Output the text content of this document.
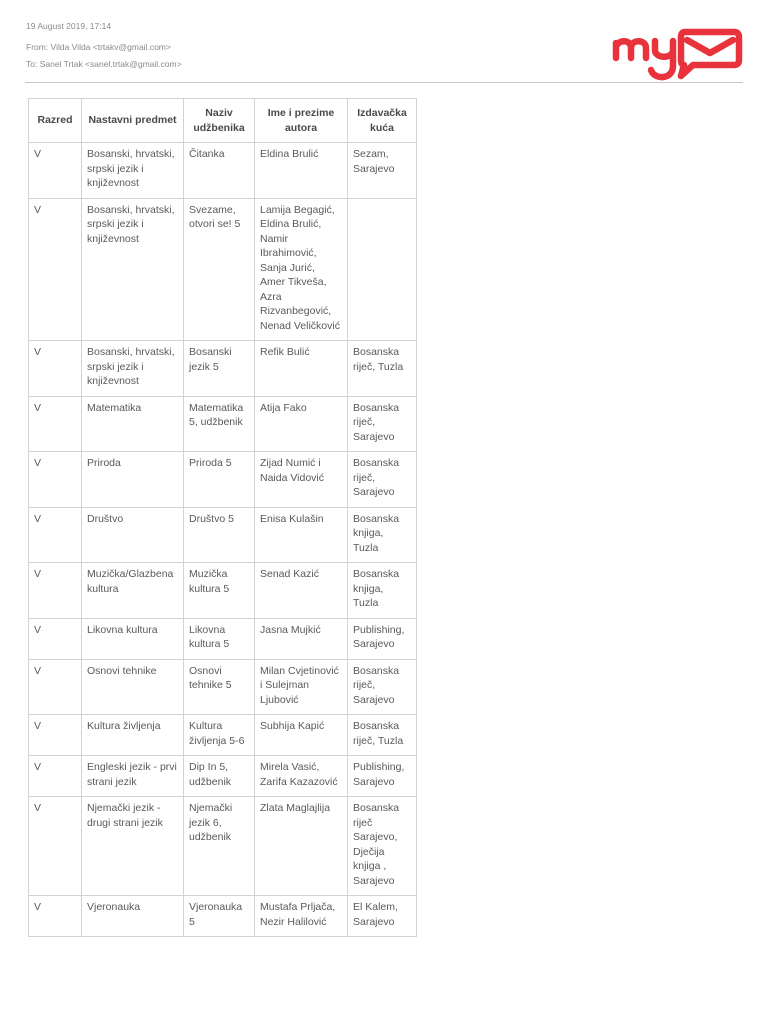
19 August 2019, 17:14
From: Vilda Vilda <trtakv@gmail.com>
To: Sanel Trtak <sanel.trtak@gmail.com>
Razred	Nastavni predmet	Naziv udžbenika	Ime i prezime autora	Izdavačka kuća
V	Bosanski, hrvatski, srpski jezik i književnost	Čitanka	Eldina Brulić	Sezam, Sarajevo
V	Bosanski, hrvatski, srpski jezik i književnost	Svezame, otvori se! 5	Lamija Begagić, Eldina Brulić, Namir Ibrahimović, Sanja Jurić, Amer Tikveša, Azra Rizvanbegović, Nenad Veličković	
V	Bosanski, hrvatski, srpski jezik i književnost	Bosanski jezik 5	Refik Bulić	Bosanska riječ, Tuzla
V	Matematika	Matematika 5, udžbenik	Atija Fako	Bosanska riječ, Sarajevo
V	Priroda	Priroda 5	Zijad Numić i Naida Vidović	Bosanska riječ, Sarajevo
V	Društvo	Društvo 5	Enisa Kulašin	Bosanska knjiga, Tuzla
V	Muzička/Glazbena kultura	Muzička kultura 5	Senad Kazić	Bosanska knjiga, Tuzla
V	Likovna kultura	Likovna kultura 5	Jasna Mujkić	Publishing, Sarajevo
V	Osnovi tehnike	Osnovi tehnike 5	Milan Cvjetinović i Sulejman Ljubović	Bosanska riječ, Sarajevo
V	Kultura življenja	Kultura življenja 5-6	Subhija Kapić	Bosanska riječ, Tuzla
V	Engleski jezik - prvi strani jezik	Dip In 5, udžbenik	Mirela Vasić, Zarifa Kazazović	Publishing, Sarajevo
V	Njemački jezik - drugi strani jezik	Njemački jezik 6, udžbenik	Zlata Maglajlija	Bosanska riječ Sarajevo, Dječija knjiga , Sarajevo
V	Vjeronauka	Vjeronauka 5	Mustafa Prljača, Nezir Halilović	El Kalem, Sarajevo
